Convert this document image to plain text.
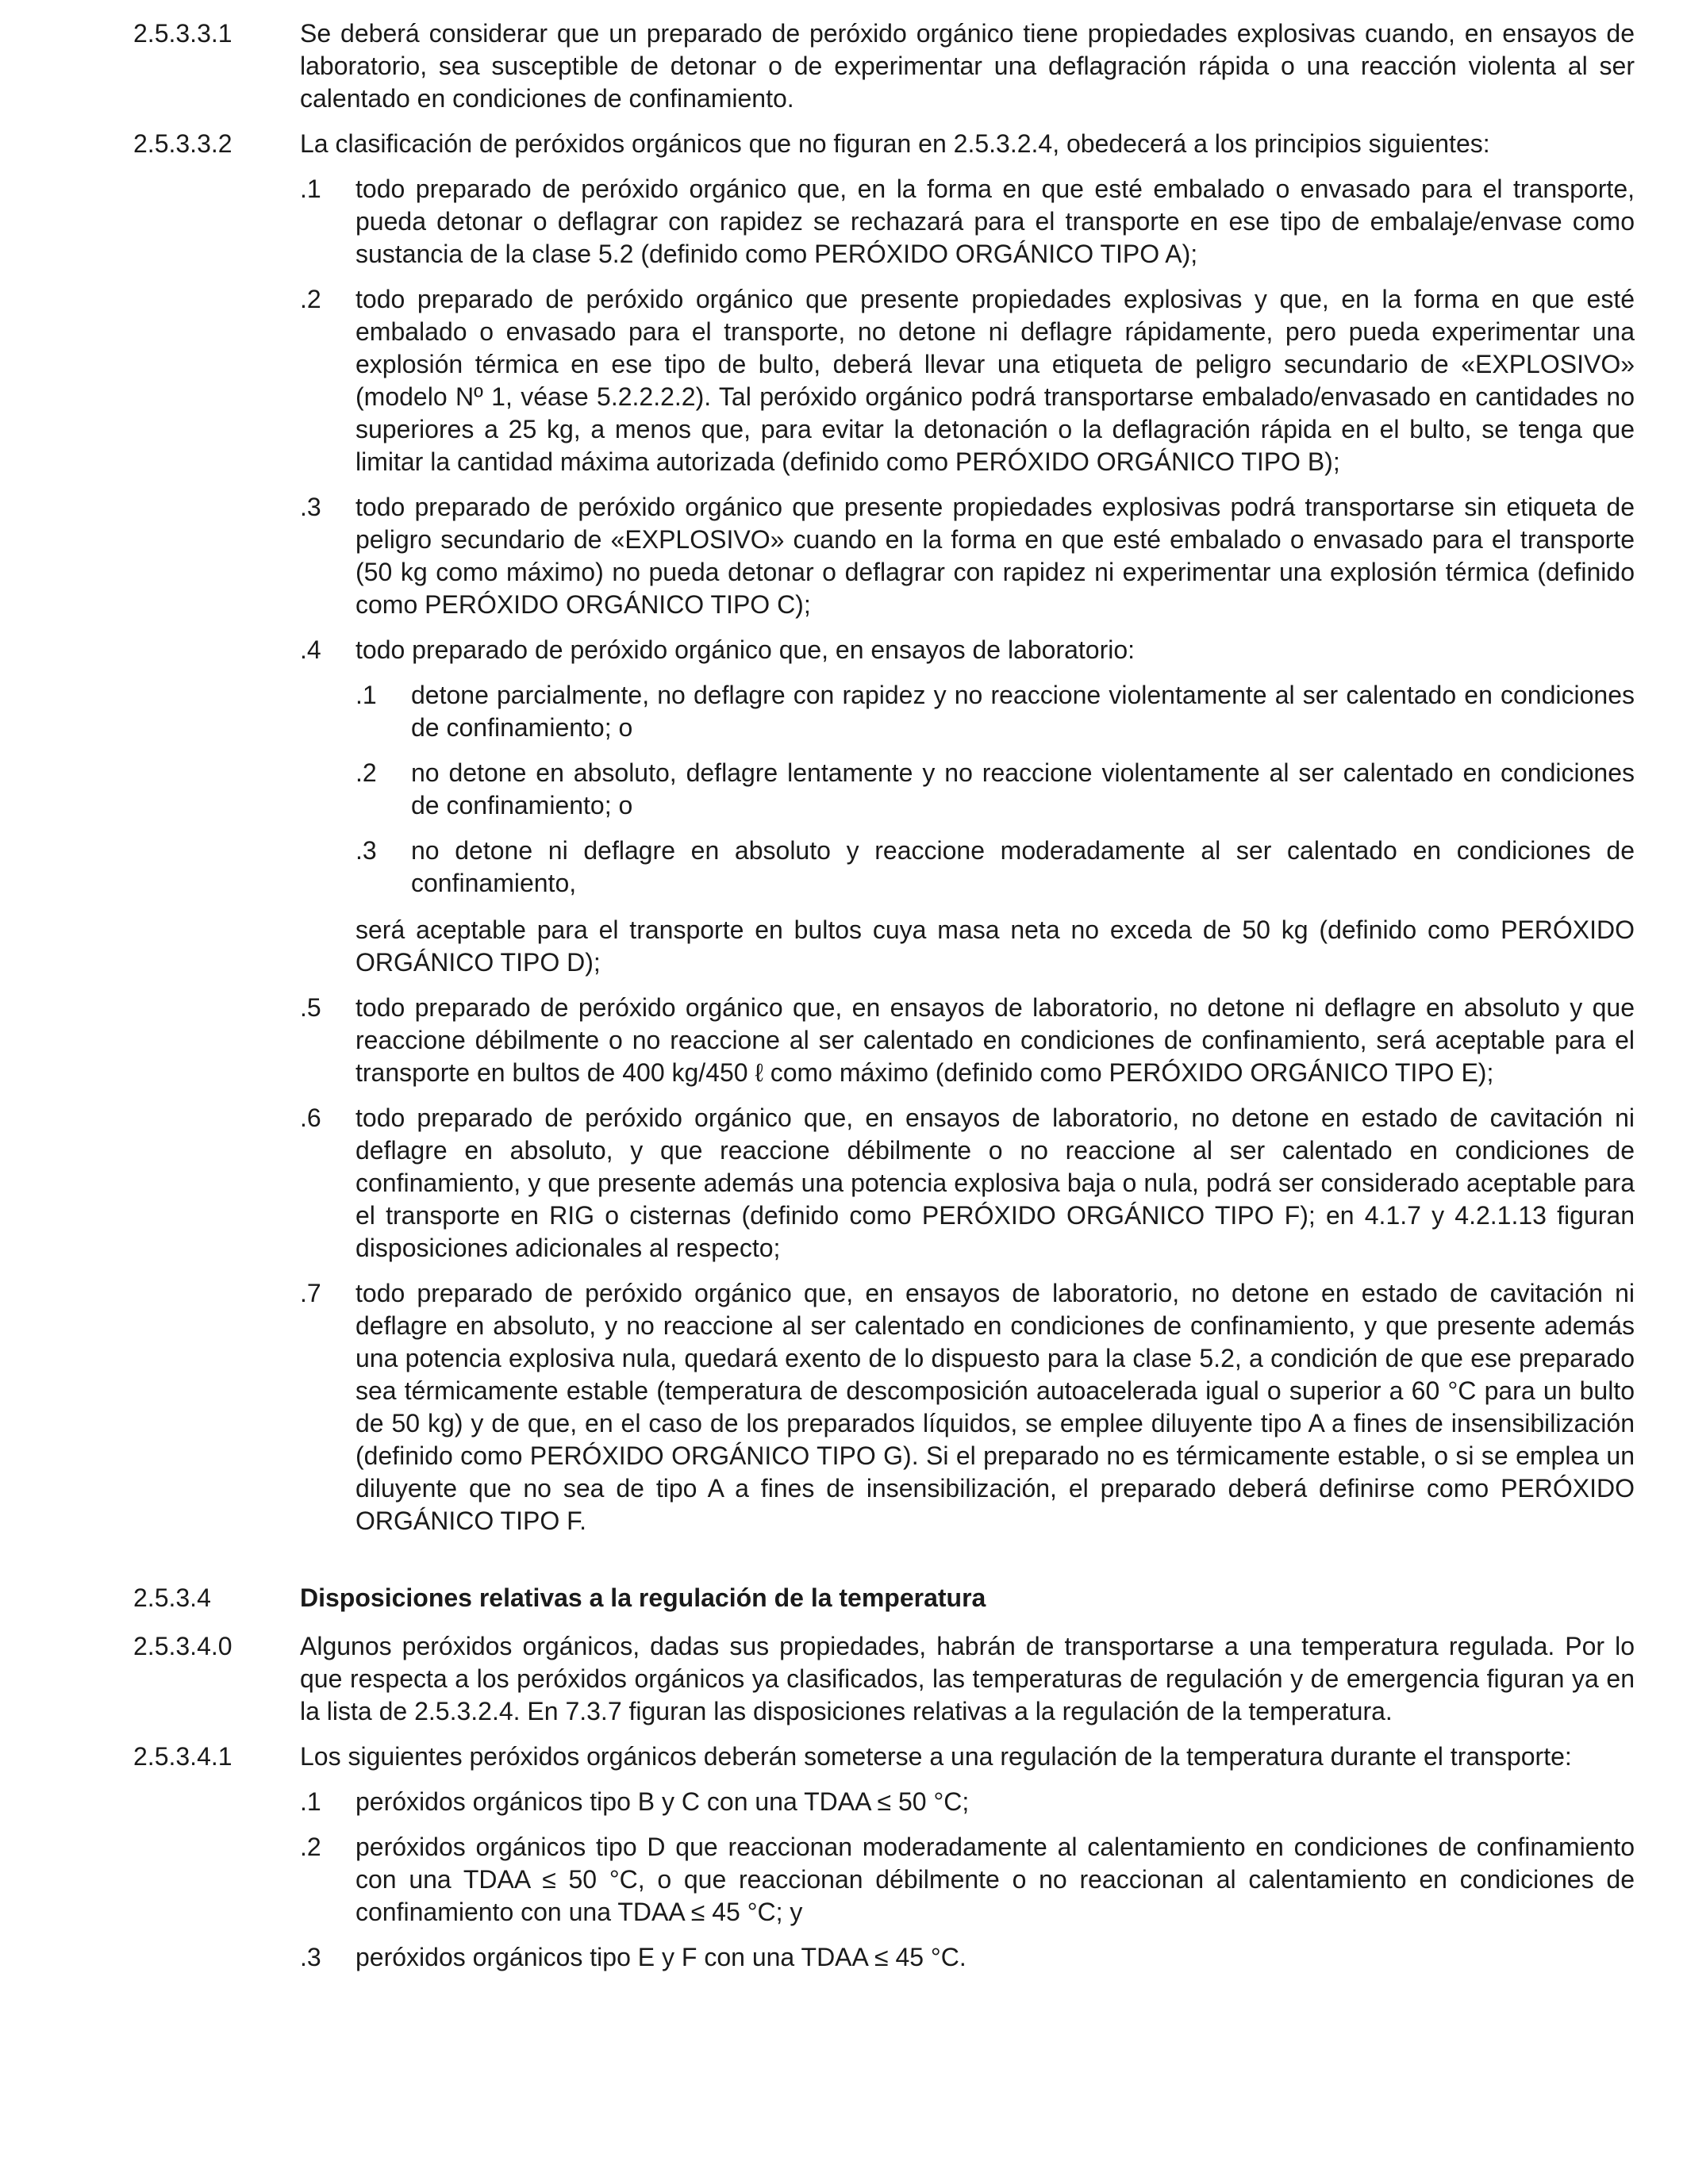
2.5.3.3.1	Se deberá considerar que un preparado de peróxido orgánico tiene propiedades explosivas cuando, en ensayos de laboratorio, sea susceptible de detonar o de experimentar una deflagración rápida o una reacción violenta al ser calentado en condiciones de confinamiento.

2.5.3.3.2	La clasificación de peróxidos orgánicos que no figuran en 2.5.3.2.4, obedecerá a los principios siguientes:

.1 todo preparado de peróxido orgánico que, en la forma en que esté embalado o envasado para el transporte, pueda detonar o deflagrar con rapidez se rechazará para el transporte en ese tipo de embalaje/envase como sustancia de la clase 5.2 (definido como PERÓXIDO ORGÁNICO TIPO A);

.2 todo preparado de peróxido orgánico que presente propiedades explosivas y que, en la forma en que esté embalado o envasado para el transporte, no detone ni deflagre rápidamente, pero pueda experimentar una explosión térmica en ese tipo de bulto, deberá llevar una etiqueta de peligro secundario de «EXPLOSIVO» (modelo Nº 1, véase 5.2.2.2.2). Tal peróxido orgánico podrá transportarse embalado/envasado en cantidades no superiores a 25 kg, a menos que, para evitar la detonación o la deflagración rápida en el bulto, se tenga que limitar la cantidad máxima autorizada (definido como PERÓXIDO ORGÁNICO TIPO B);

.3 todo preparado de peróxido orgánico que presente propiedades explosivas podrá transportarse sin etiqueta de peligro secundario de «EXPLOSIVO» cuando en la forma en que esté embalado o envasado para el transporte (50 kg como máximo) no pueda detonar o deflagrar con rapidez ni experimentar una explosión térmica (definido como PERÓXIDO ORGÁNICO TIPO C);

.4 todo preparado de peróxido orgánico que, en ensayos de laboratorio:

.1 detone parcialmente, no deflagre con rapidez y no reaccione violentamente al ser calentado en condiciones de confinamiento; o

.2 no detone en absoluto, deflagre lentamente y no reaccione violentamente al ser calentado en condiciones de confinamiento; o

.3 no detone ni deflagre en absoluto y reaccione moderadamente al ser calentado en condiciones de confinamiento,

será aceptable para el transporte en bultos cuya masa neta no exceda de 50 kg (definido como PERÓXIDO ORGÁNICO TIPO D);

.5 todo preparado de peróxido orgánico que, en ensayos de laboratorio, no detone ni deflagre en absoluto y que reaccione débilmente o no reaccione al ser calentado en condiciones de confinamiento, será aceptable para el transporte en bultos de 400 kg/450 ℓ como máximo (definido como PERÓXIDO ORGÁNICO TIPO E);

.6 todo preparado de peróxido orgánico que, en ensayos de laboratorio, no detone en estado de cavitación ni deflagre en absoluto, y que reaccione débilmente o no reaccione al ser calentado en condiciones de confinamiento, y que presente además una potencia explosiva baja o nula, podrá ser considerado aceptable para el transporte en RIG o cisternas (definido como PERÓXIDO ORGÁNICO TIPO F); en 4.1.7 y 4.2.1.13 figuran disposiciones adicionales al respecto;

.7 todo preparado de peróxido orgánico que, en ensayos de laboratorio, no detone en estado de cavitación ni deflagre en absoluto, y no reaccione al ser calentado en condiciones de confinamiento, y que presente además una potencia explosiva nula, quedará exento de lo dispuesto para la clase 5.2, a condición de que ese preparado sea térmicamente estable (temperatura de descomposición autoacelerada igual o superior a 60 °C para un bulto de 50 kg) y de que, en el caso de los preparados líquidos, se emplee diluyente tipo A a fines de insensibilización (definido como PERÓXIDO ORGÁNICO TIPO G). Si el preparado no es térmicamente estable, o si se emplea un diluyente que no sea de tipo A a fines de insensibilización, el preparado deberá definirse como PERÓXIDO ORGÁNICO TIPO F.

2.5.3.4	Disposiciones relativas a la regulación de la temperatura

2.5.3.4.0	Algunos peróxidos orgánicos, dadas sus propiedades, habrán de transportarse a una temperatura regulada. Por lo que respecta a los peróxidos orgánicos ya clasificados, las temperaturas de regulación y de emergencia figuran ya en la lista de 2.5.3.2.4. En 7.3.7 figuran las disposiciones relativas a la regulación de la temperatura.

2.5.3.4.1	Los siguientes peróxidos orgánicos deberán someterse a una regulación de la temperatura durante el transporte:

.1 peróxidos orgánicos tipo B y C con una TDAA ≤ 50 °C;

.2 peróxidos orgánicos tipo D que reaccionan moderadamente al calentamiento en condiciones de confinamiento con una TDAA ≤ 50 °C, o que reaccionan débilmente o no reaccionan al calentamiento en condiciones de confinamiento con una TDAA ≤ 45 °C; y

.3 peróxidos orgánicos tipo E y F con una TDAA ≤ 45 °C.
